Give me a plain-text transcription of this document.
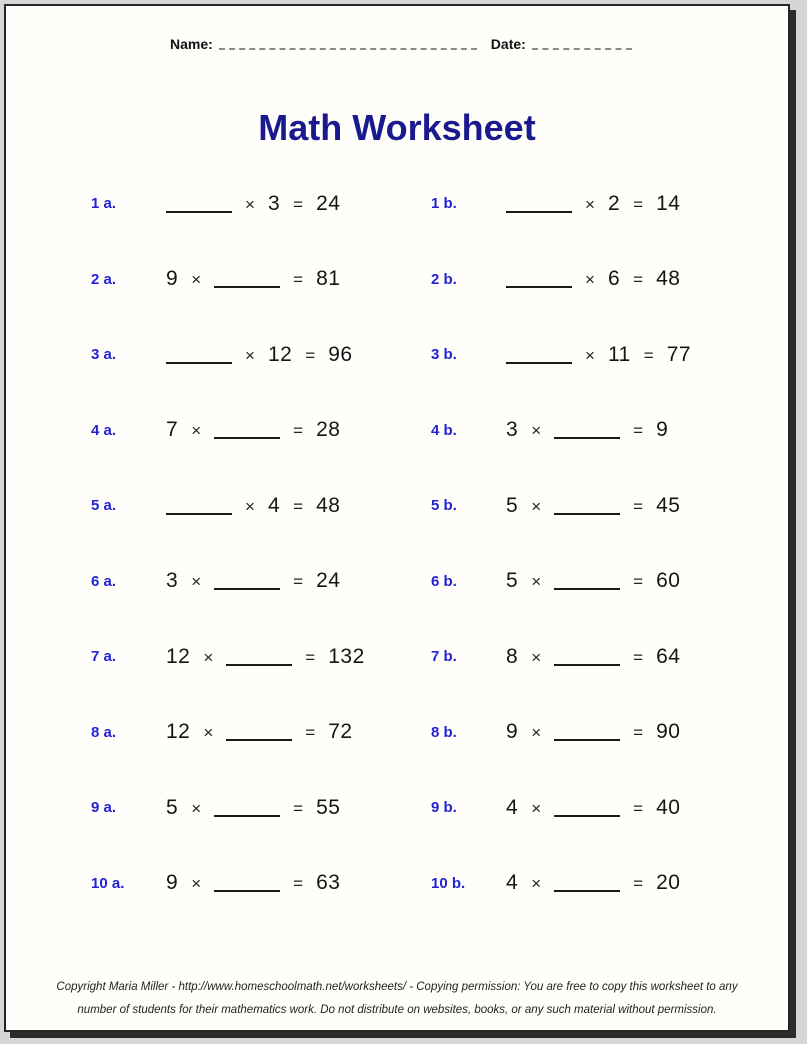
Name:	Date:
Math Worksheet
1 a.	× 3 = 24	1 b.	× 2 = 14
2 a.	9 ×	= 81	2 b.	× 6 = 48
3 a.	× 12 = 96	3 b.	× 11 = 77
4 a.	7 ×	= 28	4 b.	3 ×	= 9
5 a.	× 4 = 48	5 b.	5 ×	= 45
6 a.	3 ×	= 24	6 b.	5 ×	= 60
7 a.	12 ×	= 132	7 b.	8 ×	= 64
8 a.	12 ×	= 72	8 b.	9 ×	= 90
9 a.	5 ×	= 55	9 b.	4 ×	= 40
10 a.	9 ×	= 63	10 b.	4 ×	= 20
Copyright Maria Miller - http://www.homeschoolmath.net/worksheets/ - Copying permission: You are free to copy this worksheet to any
number of students for their mathematics work. Do not distribute on websites, books, or any such material without permission.
